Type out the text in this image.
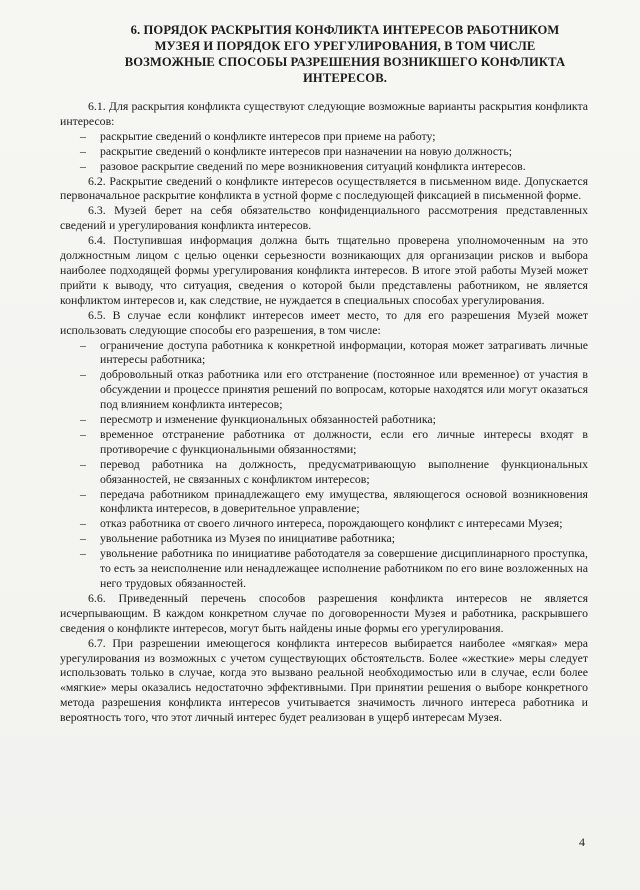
6. ПОРЯДОК РАСКРЫТИЯ КОНФЛИКТА ИНТЕРЕСОВ РАБОТНИКОМ МУЗЕЯ И ПОРЯДОК ЕГО УРЕГУЛИРОВАНИЯ, В ТОМ ЧИСЛЕ ВОЗМОЖНЫЕ СПОСОБЫ РАЗРЕШЕНИЯ ВОЗНИКШЕГО КОНФЛИКТА ИНТЕРЕСОВ.

6.1. Для раскрытия конфликта существуют следующие возможные варианты раскрытия конфликта интересов:

– раскрытие сведений о конфликте интересов при приеме на работу;
– раскрытие сведений о конфликте интересов при назначении на новую должность;
– разовое раскрытие сведений по мере возникновения ситуаций конфликта интересов.

6.2. Раскрытие сведений о конфликте интересов осуществляется в письменном виде. Допускается первоначальное раскрытие конфликта в устной форме с последующей фиксацией в письменной форме.

6.3. Музей берет на себя обязательство конфиденциального рассмотрения представленных сведений и урегулирования конфликта интересов.

6.4. Поступившая информация должна быть тщательно проверена уполномоченным на это должностным лицом с целью оценки серьезности возникающих для организации рисков и выбора наиболее подходящей формы урегулирования конфликта интересов. В итоге этой работы Музей может прийти к выводу, что ситуация, сведения о которой были представлены работником, не является конфликтом интересов и, как следствие, не нуждается в специальных способах урегулирования.

6.5. В случае если конфликт интересов имеет место, то для его разрешения Музей может использовать следующие способы его разрешения, в том числе:

– ограничение доступа работника к конкретной информации, которая может затрагивать личные интересы работника;
– добровольный отказ работника или его отстранение (постоянное или временное) от участия в обсуждении и процессе принятия решений по вопросам, которые находятся или могут оказаться под влиянием конфликта интересов;
– пересмотр и изменение функциональных обязанностей работника;
– временное отстранение работника от должности, если его личные интересы входят в противоречие с функциональными обязанностями;
– перевод работника на должность, предусматривающую выполнение функциональных обязанностей, не связанных с конфликтом интересов;
– передача работником принадлежащего ему имущества, являющегося основой возникновения конфликта интересов, в доверительное управление;
– отказ работника от своего личного интереса, порождающего конфликт с интересами Музея;
– увольнение работника из Музея по инициативе работника;
– увольнение работника по инициативе работодателя за совершение дисциплинарного проступка, то есть за неисполнение или ненадлежащее исполнение работником по его вине возложенных на него трудовых обязанностей.

6.6. Приведенный перечень способов разрешения конфликта интересов не является исчерпывающим. В каждом конкретном случае по договоренности Музея и работника, раскрывшего сведения о конфликте интересов, могут быть найдены иные формы его урегулирования.

6.7. При разрешении имеющегося конфликта интересов выбирается наиболее «мягкая» мера урегулирования из возможных с учетом существующих обстоятельств. Более «жесткие» меры следует использовать только в случае, когда это вызвано реальной необходимостью или в случае, если более «мягкие» меры оказались недостаточно эффективными. При принятии решения о выборе конкретного метода разрешения конфликта интересов учитывается значимость личного интереса работника и вероятность того, что этот личный интерес будет реализован в ущерб интересам Музея.

4
